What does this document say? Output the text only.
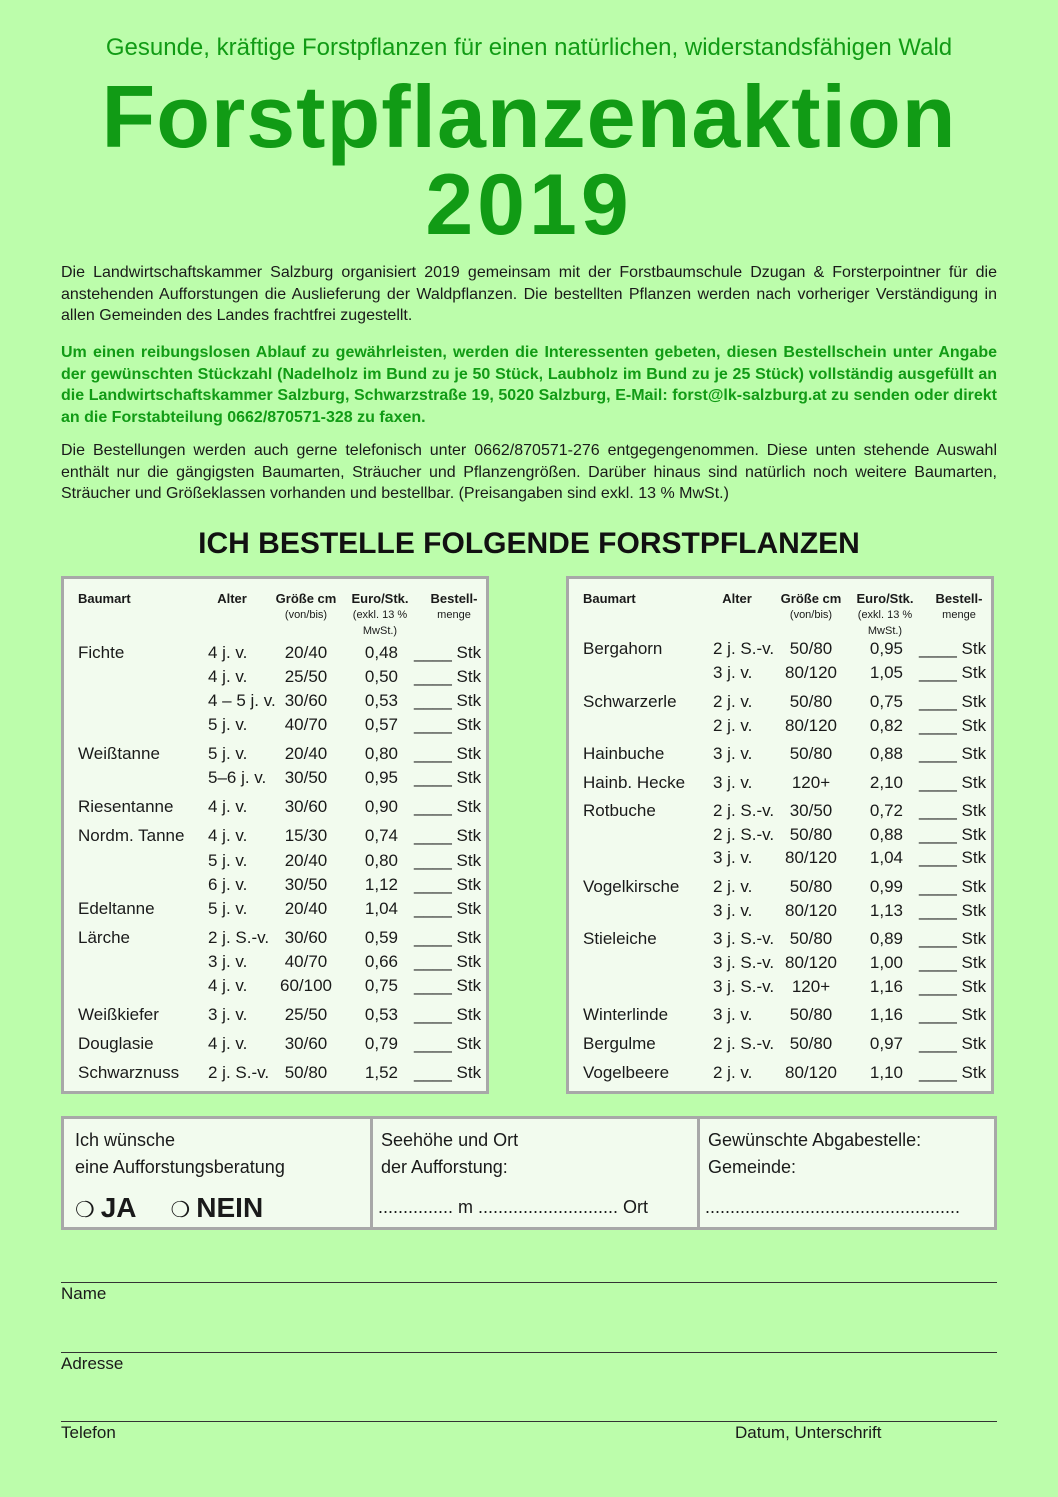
Gesunde, kräftige Forstpflanzen für einen natürlichen, widerstandsfähigen Wald
Forstpflanzenaktion
2019
Die Landwirtschaftskammer Salzburg organisiert 2019 gemeinsam mit der Forstbaumschule Dzugan & Forsterpointner für die anstehenden Aufforstungen die Auslieferung der Waldpflanzen. Die bestellten Pflanzen werden nach vorheriger Verständigung in allen Gemeinden des Landes frachtfrei zugestellt.
Um einen reibungslosen Ablauf zu gewährleisten, werden die Interessenten gebeten, diesen Bestellschein unter Angabe der gewünschten Stückzahl (Nadelholz im Bund zu je 50 Stück, Laubholz im Bund zu je 25 Stück) vollständig ausgefüllt an die Landwirtschaftskammer Salzburg, Schwarzstraße 19, 5020 Salzburg, E-Mail: forst@lk-salzburg.at zu senden oder direkt an die Forstabteilung 0662/870571-328 zu faxen.
Die Bestellungen werden auch gerne telefonisch unter 0662/870571-276 entgegengenommen. Diese unten stehende Auswahl enthält nur die gängigsten Baumarten, Sträucher und Pflanzengrößen. Darüber hinaus sind natürlich noch weitere Baumarten, Sträucher und Größeklassen vorhanden und bestellbar. (Preisangaben sind exkl. 13 % MwSt.)
ICH BESTELLE FOLGENDE FORSTPFLANZEN
Baumart	Alter	Größe cm
(von/bis)
Euro/Stk.
(exkl. 13 % MwSt.)
Bestell-
menge
Fichte	4 j. v.	20/40	0,48 ____ Stk
4 j. v.	25/50	0,50 ____ Stk
4 – 5 j. v. 30/60	0,53 ____ Stk
5 j. v.	40/70	0,57 ____ Stk
Weißtanne	5 j. v.	20/40	0,80 ____ Stk
5–6 j. v.	30/50	0,95 ____ Stk
Riesentanne 4 j. v.	30/60	0,90 ____ Stk
Nordm. Tanne 4 j. v.	15/30	0,74 ____ Stk
5 j. v.	20/40	0,80 ____ Stk
6 j. v.	30/50	1,12 ____ Stk
Edeltanne	5 j. v.	20/40	1,04 ____ Stk
Lärche	2 j. S.-v. 30/60	0,59 ____ Stk
3 j. v.	40/70	0,66 ____ Stk
4 j. v.	60/100	0,75 ____ Stk
Weißkiefer	3 j. v.	25/50	0,53 ____ Stk
Douglasie	4 j. v.	30/60	0,79 ____ Stk
Schwarznuss 2 j. S.-v. 50/80	1,52 ____ Stk
Baumart	Alter	Größe cm
(von/bis)
Euro/Stk.
(exkl. 13 % MwSt.)
Bestell-
menge
Bergahorn	2 j. S.-v. 50/80	0,95 ____ Stk
3 j. v.	80/120	1,05 ____ Stk
Schwarzerle 2 j. v.	50/80	0,75 ____ Stk
2 j. v.	80/120	0,82 ____ Stk
Hainbuche	3 j. v.	50/80	0,88 ____ Stk
Hainb. Hecke 3 j. v.	120+	2,10 ____ Stk
Rotbuche	2 j. S.-v. 30/50	0,72 ____ Stk
2 j. S.-v. 50/80	0,88 ____ Stk
3 j. v.	80/120	1,04 ____ Stk
Vogelkirsche 2 j. v.	50/80	0,99 ____ Stk
3 j. v.	80/120	1,13 ____ Stk
Stieleiche	3 j. S.-v. 50/80	0,89 ____ Stk
3 j. S.-v. 80/120	1,00 ____ Stk
3 j. S.-v.	120+	1,16 ____ Stk
Winterlinde	3 j. v.	50/80	1,16 ____ Stk
Bergulme	2 j. S.-v. 50/80	0,97 ____ Stk
Vogelbeere	2 j. v.	80/120	1,10 ____ Stk
Ich wünsche
eine Aufforstungsberatung
❍ JA ❍ NEIN
Seehöhe und Ort
der Aufforstung:
............... m ............................ Ort
Gewünschte Abgabestelle:
Gemeinde:
...................................................
Name
Adresse
Telefon	Datum, Unterschrift
